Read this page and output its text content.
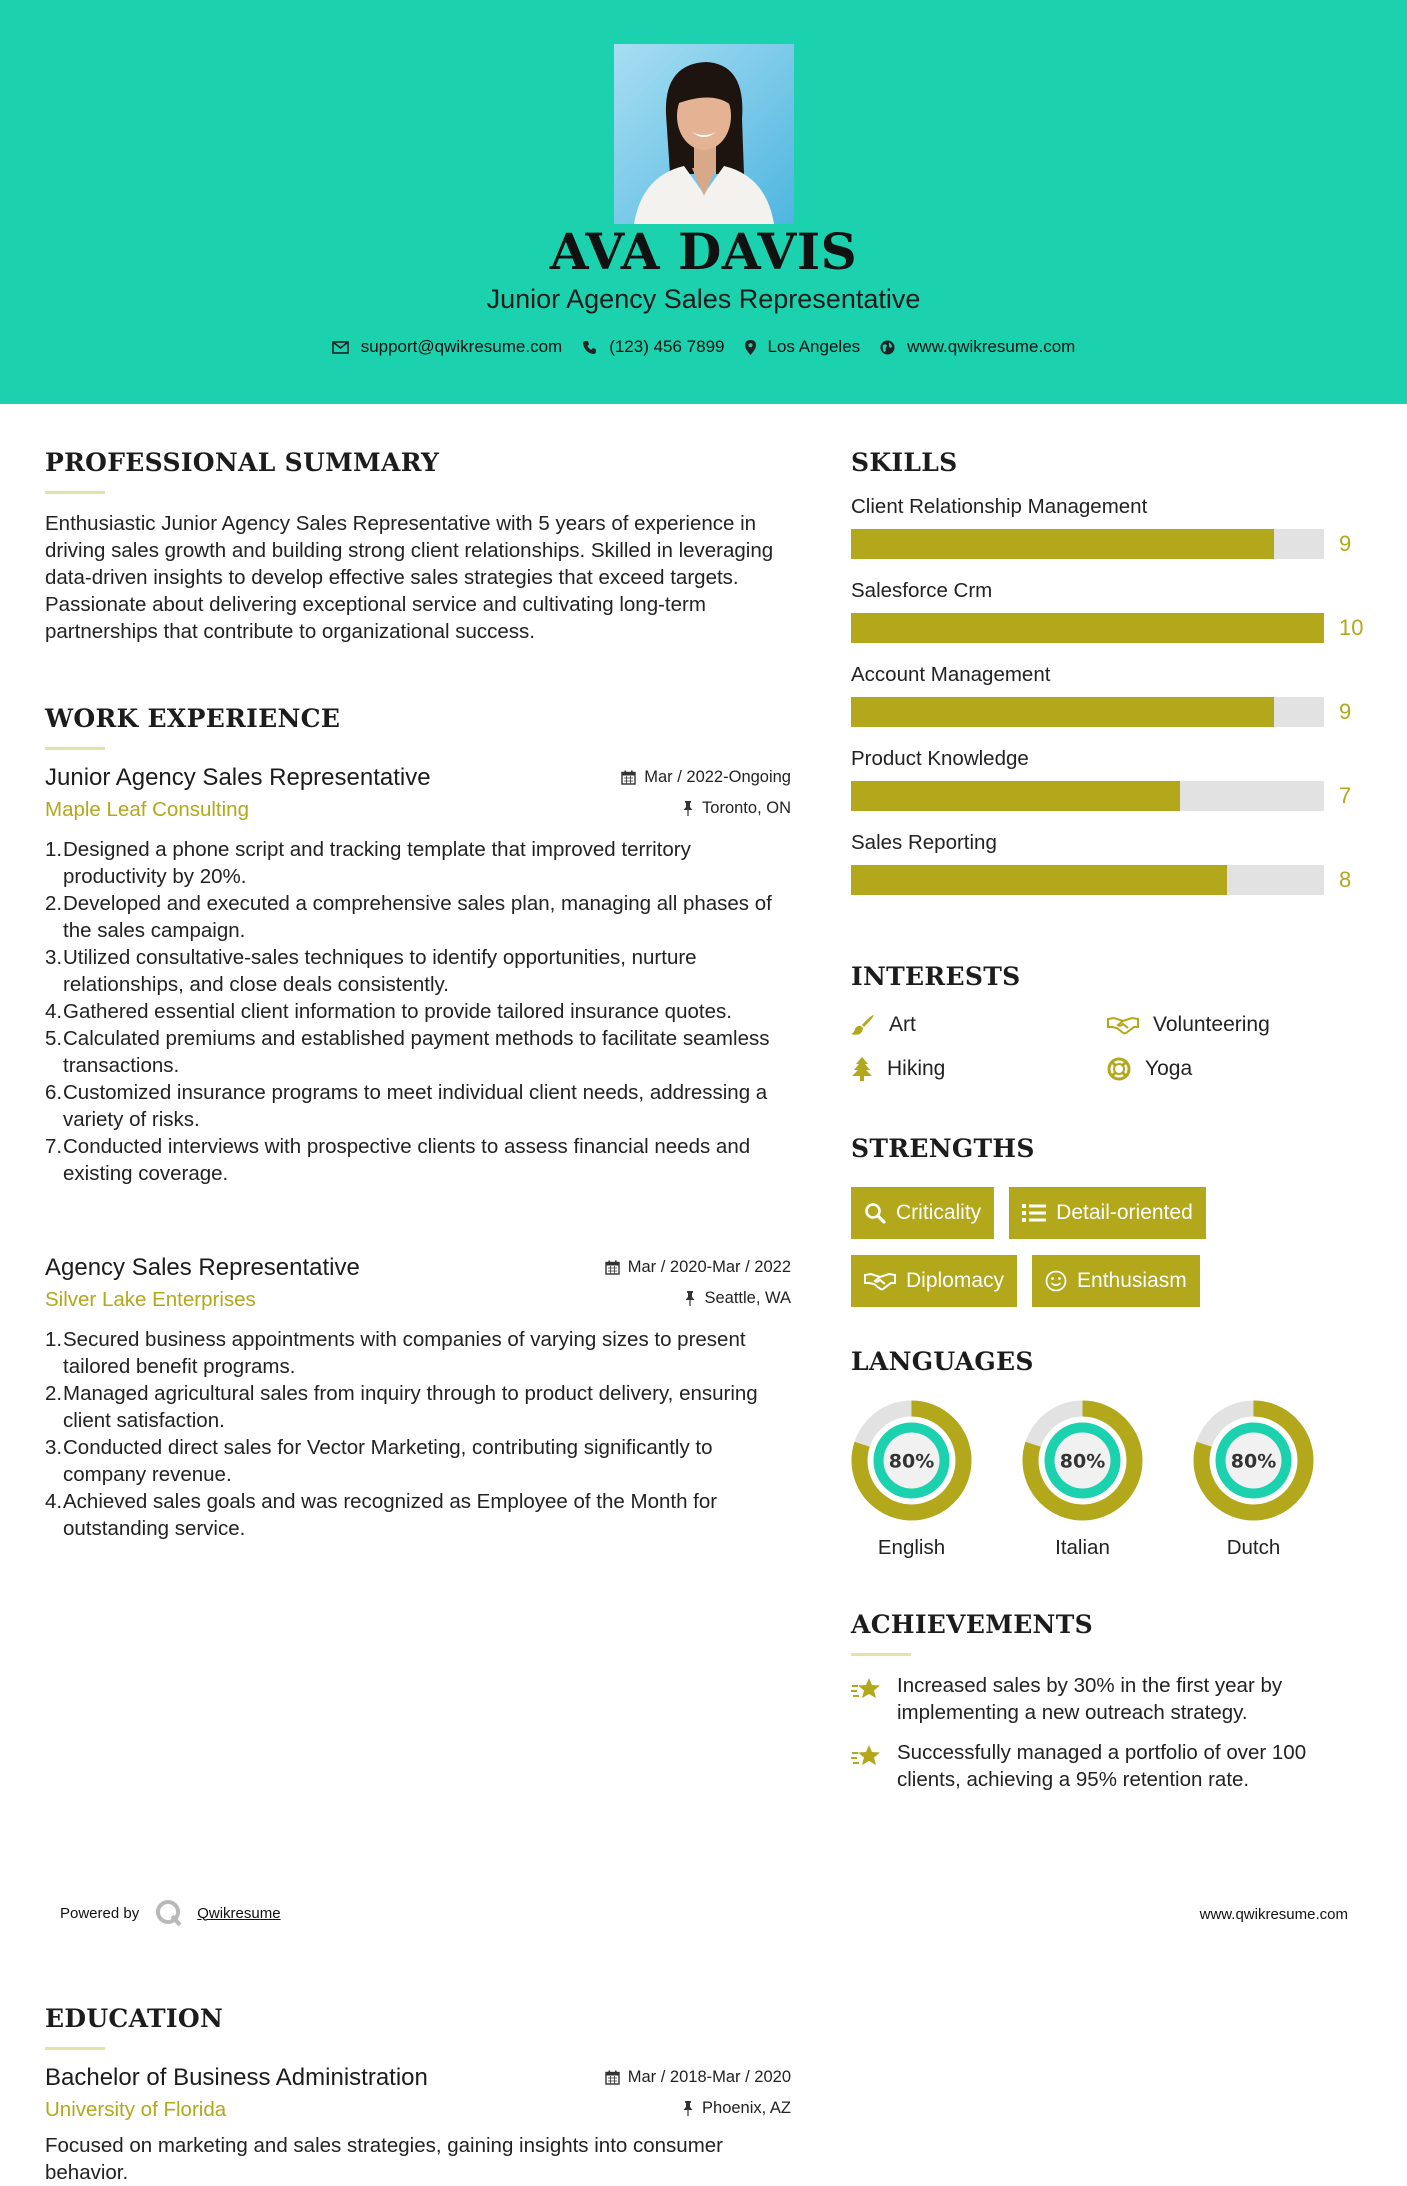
AVA DAVIS
Junior Agency Sales Representative
support@qwikresume.com	(123) 456 7899	Los Angeles	www.qwikresume.com
PROFESSIONAL SUMMARY
Enthusiastic Junior Agency Sales Representative with 5 years of experience in driving sales growth and building strong client relationships. Skilled in leveraging data-driven insights to develop effective sales strategies that exceed targets. Passionate about delivering exceptional service and cultivating long-term partnerships that contribute to organizational success.
WORK EXPERIENCE
Junior Agency Sales Representative	Mar / 2022-Ongoing
Maple Leaf Consulting	Toronto, ON
1. Designed a phone script and tracking template that improved territory productivity by 20%.
2. Developed and executed a comprehensive sales plan, managing all phases of the sales campaign.
3. Utilized consultative-sales techniques to identify opportunities, nurture relationships, and close deals consistently.
4. Gathered essential client information to provide tailored insurance quotes.
5. Calculated premiums and established payment methods to facilitate seamless transactions.
6. Customized insurance programs to meet individual client needs, addressing a variety of risks.
7. Conducted interviews with prospective clients to assess financial needs and existing coverage.
Agency Sales Representative	Mar / 2020-Mar / 2022
Silver Lake Enterprises	Seattle, WA
1. Secured business appointments with companies of varying sizes to present tailored benefit programs.
2. Managed agricultural sales from inquiry through to product delivery, ensuring client satisfaction.
3. Conducted direct sales for Vector Marketing, contributing significantly to company revenue.
4. Achieved sales goals and was recognized as Employee of the Month for outstanding service.
EDUCATION
Bachelor of Business Administration	Mar / 2018-Mar / 2020
University of Florida	Phoenix, AZ
Focused on marketing and sales strategies, gaining insights into consumer behavior.
SKILLS
Client Relationship Management
9
Salesforce Crm
10
Account Management
9
Product Knowledge
7
Sales Reporting
8
INTERESTS
Art	Volunteering
Hiking	Yoga
STRENGTHS
Criticality	Detail-oriented
Diplomacy	Enthusiasm
LANGUAGES
80%
English
80%
Italian
80%
Dutch
ACHIEVEMENTS
Increased sales by 30% in the first year by implementing a new outreach strategy.
Successfully managed a portfolio of over 100 clients, achieving a 95% retention rate.
Powered by	Qwikresume	www.qwikresume.com
